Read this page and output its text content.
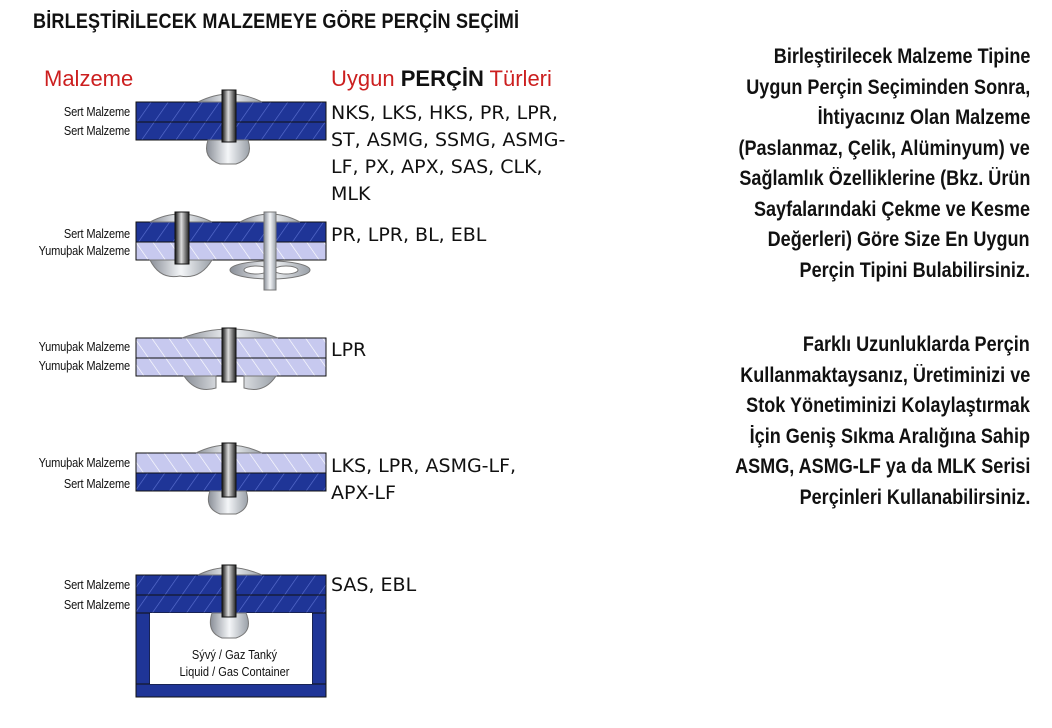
BİRLEŞTİRİLECEK MALZEMEYE GÖRE PERÇİN SEÇİMİ
Malzeme	Uygun PERÇİN Türleri
Sert Malzeme
Sert Malzeme
Sert Malzeme
Yumuþak Malzeme
Yumuþak Malzeme
Yumuþak Malzeme
Yumuþak Malzeme
Sert Malzeme
Sert Malzeme
Sert Malzeme
NKS, LKS, HKS, PR, LPR,
ST, ASMG, SSMG, ASMG-
LF, PX, APX, SAS, CLK,
MLK
PR, LPR, BL, EBL
LPR
LKS, LPR, ASMG-LF,
APX-LF
SAS, EBL
Sývý / Gaz Tanký
Liquid / Gas Container
Birleştirilecek Malzeme Tipine
Uygun Perçin Seçiminden Sonra,
İhtiyacınız Olan Malzeme
(Paslanmaz, Çelik, Alüminyum) ve
Sağlamlık Özelliklerine (Bkz. Ürün
Sayfalarındaki Çekme ve Kesme
Değerleri) Göre Size En Uygun
Perçin Tipini Bulabilirsiniz.
Farklı Uzunluklarda Perçin
Kullanmaktaysanız, Üretiminizi ve
Stok Yönetiminizi Kolaylaştırmak
İçin Geniş Sıkma Aralığına Sahip
ASMG, ASMG-LF ya da MLK Serisi
Perçinleri Kullanabilirsiniz.
